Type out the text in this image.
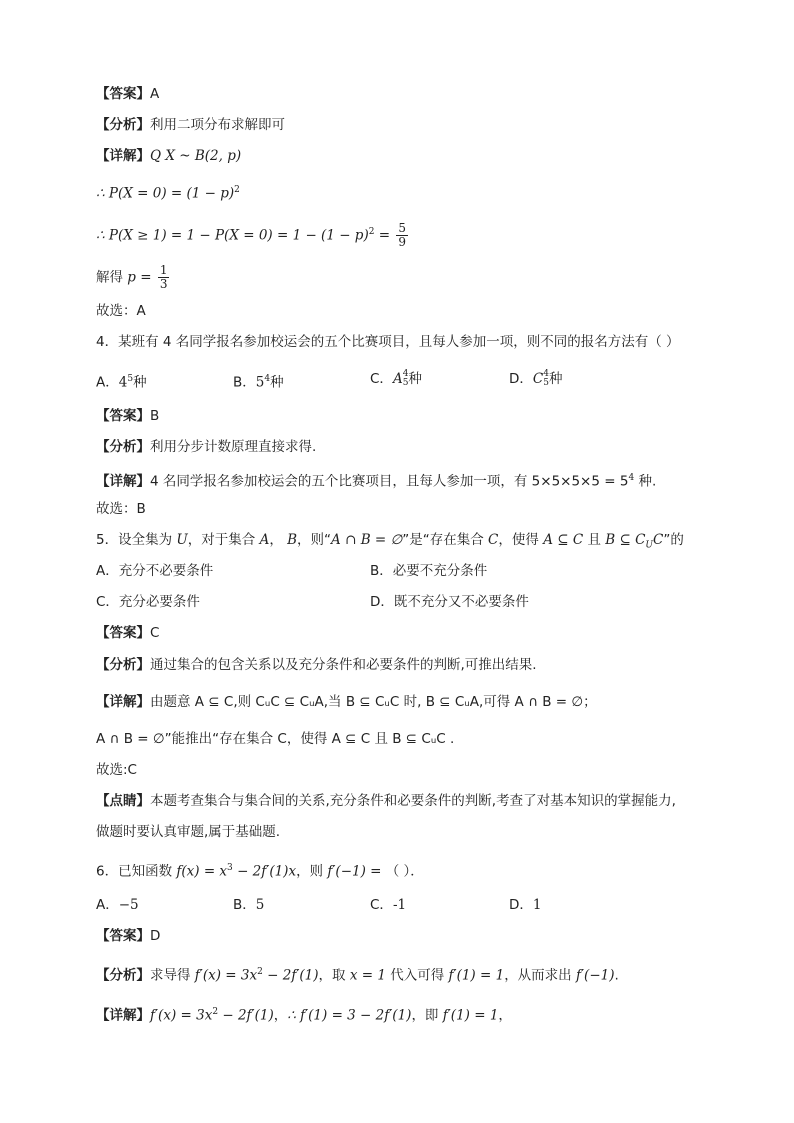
【答案】A
【分析】利用二项分布求解即可
【详解】Q X ~ B(2, p)
∴ $P(X = 0) = (1 - p)^2$
∴ $P(X \ge 1) = 1 - P(X = 0) = 1 - (1 - p)^2 = \frac{5}{9}$
解得 $p = \frac{1}{3}$
故选：A
4．某班有 4 名同学报名参加校运会的五个比赛项目，且每人参加一项，则不同的报名方法有（ ）
A．$4^5$种	B．$5^4$种	C．A 4
5 种	D．C 4
5 种
【答案】B
【分析】利用分步计数原理直接求得.
【详解】4 名同学报名参加校运会的五个比赛项目，且每人参加一项，有 $5\times 5\times 5\times 5 = 5^4$ 种.
故选：B
5．设全集为 U，对于集合 A， B，则“A ∩ B = ∅”是“存在集合 C，使得 A ⊆ C 且 B ⊆ $C_UC$”的
A．充分不必要条件	B．必要不充分条件
C．充分必要条件	D．既不充分又不必要条件
【答案】C
【分析】通过集合的包含关系以及充分条件和必要条件的判断,可推出结果.
【详解】由题意 A ⊆ C,则 CᵤC ⊆ CᵤA,当 B ⊆ CᵤC 时, B ⊆ CᵤA,可得 A ∩ B = ∅；
A ∩ B = ∅”能推出“存在集合 C，使得 A ⊆ C 且 B ⊆ CᵤC .
故选:C
【点睛】本题考查集合与集合间的关系,充分条件和必要条件的判断,考查了对基本知识的掌握能力,
做题时要认真审题,属于基础题.
6．已知函数 $f(x) = x^3 - 2f'(1)x$，则 f′(−1) = （ ）．
A．−5	B．5	C．-1	D．1
【答案】D
【分析】求导得 $f'(x) = 3x^2 - 2f'(1)$，取 x = 1 代入可得 f′(1) = 1，从而求出 f′(−1).
【详解】$f'(x) = 3x^2 - 2f'(1)$，∴ f′(1) = 3 − 2f′(1)，即 f′(1) = 1，
